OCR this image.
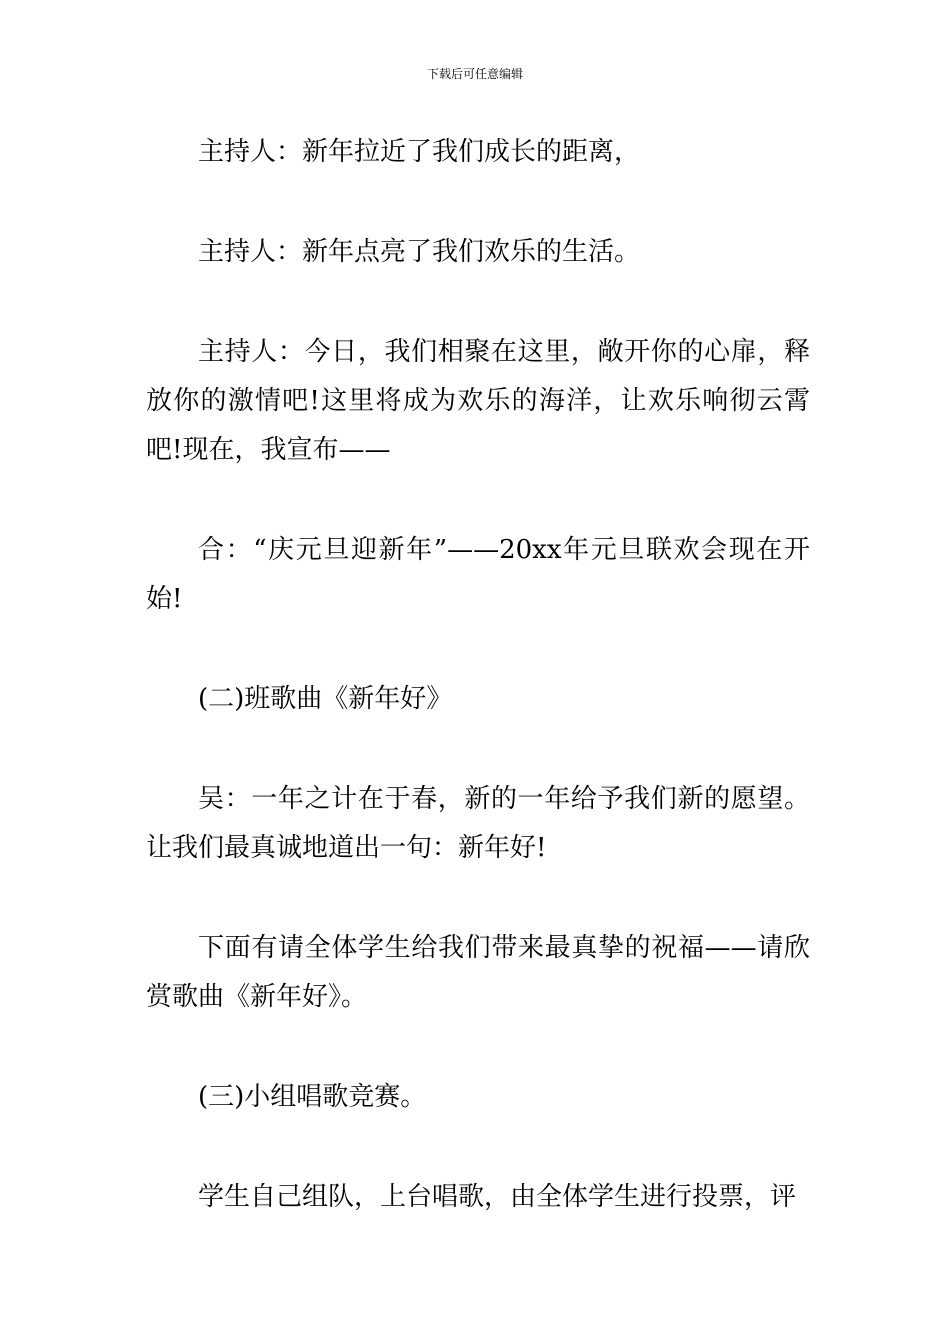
下载后可任意编辑

主持人：新年拉近了我们成长的距离，

主持人：新年点亮了我们欢乐的生活。

主持人：今日，我们相聚在这里，敞开你的心扉，释放你的激情吧!这里将成为欢乐的海洋，让欢乐响彻云霄吧!现在，我宣布——

合：“庆元旦迎新年”——20xx年元旦联欢会现在开始!

(二)班歌曲《新年好》

吴：一年之计在于春，新的一年给予我们新的愿望。让我们最真诚地道出一句：新年好!

下面有请全体学生给我们带来最真挚的祝福——请欣赏歌曲《新年好》。

(三)小组唱歌竞赛。

学生自己组队，上台唱歌，由全体学生进行投票，评
